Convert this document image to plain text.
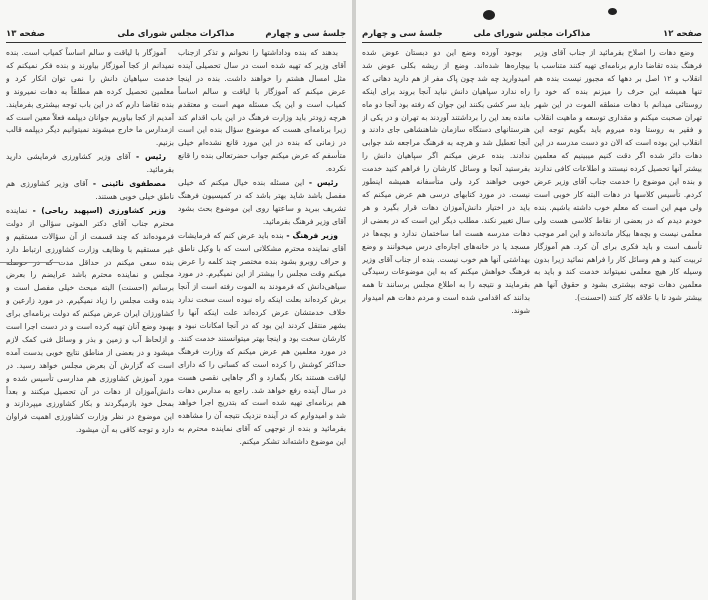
جلسهٔ سی و چهارم
مذاکرات مجلس شورای ملی
صفحه ۱۳

بدهند که بنده وداداشتها را نخوانم و تذکر ازجناب آقای وزیر که تهیه شده است در سال تحصیلی آینده مثل امسال هشتم را خواهند داشت. بنده در اینجا عرض میکنم که آموزگار با لیاقت و سالم اساساً کمیاب است و این یک مسئله مهم است و معتقدم هرچه زودتر باید وزارت فرهنگ در این باب اقدام کند زیرا برنامه‌ای هست که موضوع سؤال بنده این است در زمانی که بنده در این مورد قانع نشده‌ام خیلی متأسفم که عرض میکنم جواب حضرتعالی بنده را قانع نکرده.

رئیس - این مسئله بنده خیال میکنم که خیلی مفصل باشد شاید بهتر باشد که در کمیسیون فرهنگ تشریف ببرید و ساعتها روی این موضوع بحث بشود آقای وزیر فرهنگ بفرمائید.

وزیر فرهنگ - بنده باید عرض کنم که فرمایشات آقای نماینده محترم مشکلاتی است که با وکیل ناطق و حراف روبرو بشود بنده مختصر چند کلمه را عرض میکنم وقت مجلس را بیشتر از این نمیگیرم. در مورد سیاهی‌دانش که فرمودند به الموت رفته است از آنجا برش کرده‌اند بعلت اینکه راه نبوده است سخت ندارد خلاف خدمتشان عرض کرده‌اند علت اینکه آنها را بشهر منتقل کردند این بود که در آنجا امکانات نبود و کارشان سخت بود و اینجا بهتر میتوانستند خدمت کنند. در مورد معلمین هم عرض میکنم که وزارت فرهنگ حداکثر کوشش را کرده است که کسانی را که دارای لیاقت هستند بکار بگمارد و اگر جاهایی نقصی هست در سال آینده رفع خواهد شد. راجع به مدارس دهات هم برنامه‌ای تهیه شده است که بتدریج اجرا خواهد شد و امیدوارم که در آینده نزدیک نتیجه آن را مشاهده بفرمائید و بنده از توجهی که آقای نماینده محترم به این موضوع داشته‌اند تشکر میکنم.

آموزگار با لیاقت و سالم اساساً کمیاب است. بنده نمیدانم از کجا آموزگار بیاورند و بنده فکر نمیکنم که خدمت سیاهیان دانش را نمی توان انکار کرد و معلمین تحصیل کرده هم مطلقاً به دهات نمیروند و بنده تقاضا دارم که در این باب توجه بیشتری بفرمایند. آمدیم از کجا بیاوریم جوانان دیپلمه فعلاً معین است که ازمدارس ما خارج میشوند نمیتوانیم دیگر دیپلمه قالب بزنیم.

رئیس - آقای وزیر کشاورزی فرمایشی دارید بفرمائید.

مصطفوی نائینی - آقای وزیر کشاورزی هم ناطق خیلی خوبی هستند.

وزیر کشاورزی (اسپهبد ریاحی) - نماینده محترم جناب آقای دکتر الموتی سؤالی از دولت فرموده‌اند که چند قسمت از آن سؤالات مستقیم و غیر مستقیم با وظایف وزارت کشاورزی ارتباط دارد بنده سعی میکنم در حداقل مدت که در حوصله مجلس و نماینده محترم باشد عرایضم را بعرض برسانم (احسنت) البته مبحث خیلی مفصل است و بنده وقت مجلس را زیاد نمیگیرم. در مورد زارعین و کشاورزان ایران عرض میکنم که دولت برنامه‌ای برای بهبود وضع آنان تهیه کرده است و در دست اجرا است و ازلحاظ آب و زمین و بذر و وسائل فنی کمک لازم میشود و در بعضی از مناطق نتایج خوبی بدست آمده است که گزارش آن بعرض مجلس خواهد رسید. در مورد آموزش کشاورزی هم مدارسی تأسیس شده و دانش‌آموزان از دهات در آن تحصیل میکنند و بعداً بمحل خود بازمیگردند و بکار کشاورزی میپردازند و این موضوع در نظر وزارت کشاورزی اهمیت فراوان دارد و توجه کافی به آن میشود.

جلسهٔ سی و چهارم	مذاکرات مجلس شورای ملی	صفحه ۱۲

وضع دهات را اصلاح بفرمائید از جناب آقای وزیر فرهنگ بنده تقاضا دارم برنامه‌ای تهیه کنند متناسب با انقلاب و ۱۲ اصل بر دهها که مجبور نیست بنده هم تنها همیشه این حرف را میزنم بنده که خود را روستائی میدانم با دهات منطقه الموت در این شهر تهران صحبت میکنم و مقداری توسعه و ماهیت انقلاب و فقیر به روستا وده میروم باید بگویم توجه این انقلاب این بوده است که الان دو دست مدرسه در این دهات دائر شده اگر دقت کنیم میبینیم که معلمین بیشتر آنها تحصیل کرده نیستند و اطلاعات کافی ندارند و بنده این موضوع را خدمت جناب آقای وزیر عرض کردم. تأسیس کلاسها در دهات البته کار خوبی است ولی مهم این است که معلم خوب داشته باشیم. بنده خودم دیدم که در بعضی از نقاط کلاسی هست ولی معلمی نیست و بچه‌ها بیکار مانده‌اند و این امر موجب تأسف است و باید فکری برای آن کرد. هم آموزگار تربیت کنید و هم وسائل کار را فراهم نمائید زیرا بدون وسیله کار هیچ معلمی نمیتواند خدمت کند و باید به معلمین دهات توجه بیشتری بشود و حقوق آنها هم بیشتر شود تا با علاقه کار کنند (احسنت).

بوجود آورده وضع این دو دبستان عوض شده بیچاره‌ها شده‌اند. وضع از ریشه بکلی عوض شد امیدوارید چه شد چون پاک مفر از هم دارید دهاتی که راه ندارد سپاهیان دانش نباید آنجا بروند برای اینکه باید سر کشی بکنند این جوان که رفته بود آنجا دو ماه مانده بعد این را برداشتند آوردند به تهران و در یکی از هنرستانهای دستگاه سازمان شاهنشاهی جای دادند و آنجا تعطیل شد و هرچه به فرهنگ مراجعه شد جوابی ندادند. بنده عرض میکنم اگر سپاهیان دانش را بفرستید آنجا و وسائل کارشان را فراهم کنید خدمت خوبی خواهند کرد ولی متأسفانه همیشه اینطور نیست. در مورد کتابهای درسی هم عرض میکنم که باید در اختیار دانش‌آموزان دهات قرار بگیرد و هر سال تغییر نکند. مطلب دیگر این است که در بعضی از دهات مدرسه هست اما ساختمان ندارد و بچه‌ها در مسجد یا در خانه‌های اجاره‌ای درس میخوانند و وضع بهداشتی آنها هم خوب نیست. بنده از جناب آقای وزیر فرهنگ خواهش میکنم که به این موضوعات رسیدگی بفرمایند و نتیجه را به اطلاع مجلس برسانند تا همه بدانند که اقدامی شده است و مردم دهات هم امیدوار شوند.
